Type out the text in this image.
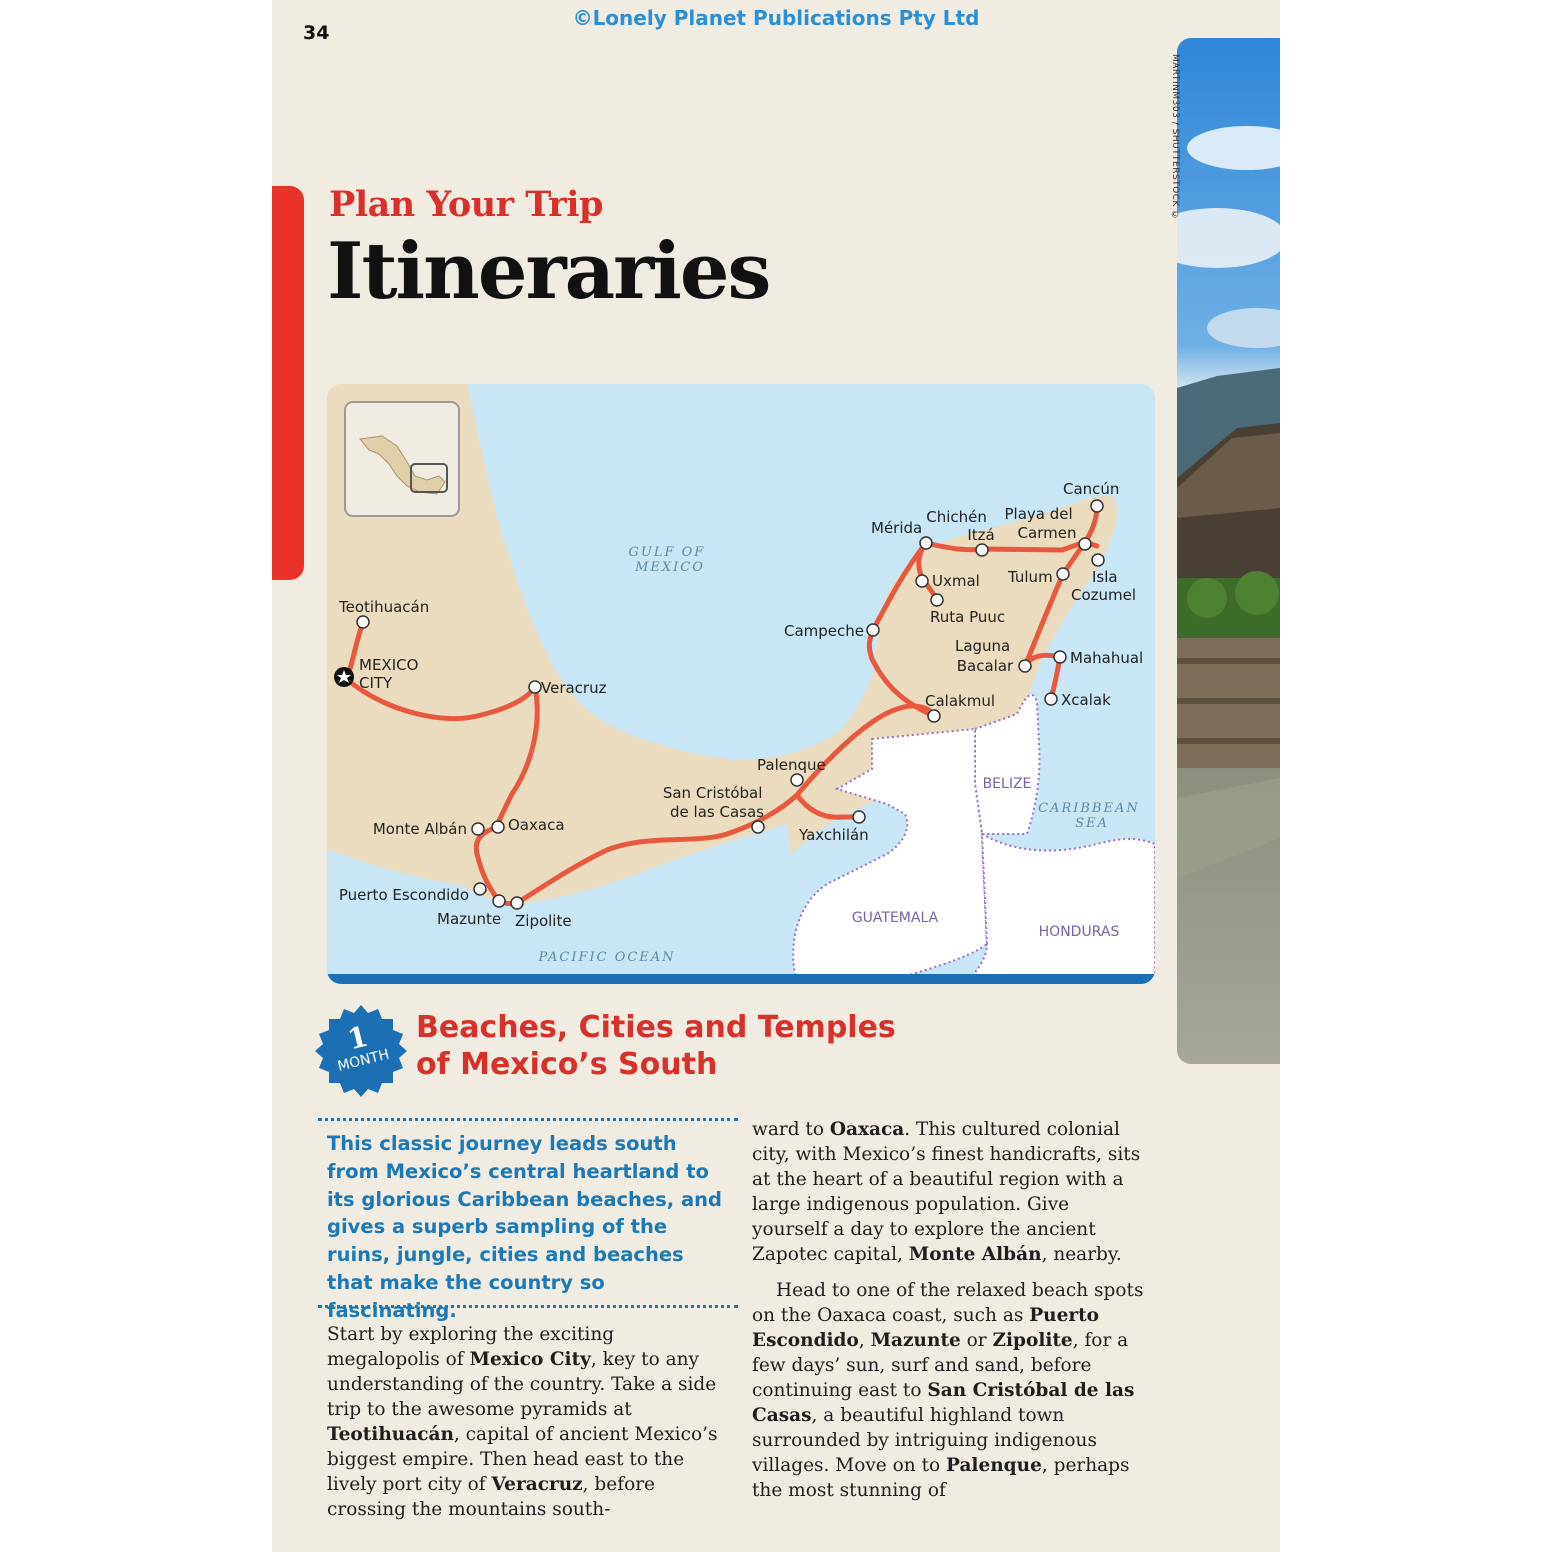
©Lonely Planet Publications Pty Ltd
34
Plan Your Trip
Itineraries
MARTINM303 / SHUTTERSTOCK ©
GULF OF MEXICO
CARIBBEAN SEA
PACIFIC OCEAN
BELIZE
GUATEMALA
HONDURAS
Teotihuacán
MEXICO CITY	Veracruz
Oaxaca
Monte Albán
Puerto Escondido
Mazunte Zipolite
San Cristóbal de las Casas
Palenque
Yaxchilán
Calakmul
Campeche
Mérida
Chichén Itzá
Uxmal
Ruta Puuc
Playa del Carmen
Cancún
Tulum	Isla Cozumel
Laguna Bacalar	Mahahual
Xcalak
1
MONTH
Beaches, Cities and Temples
of Mexico’s South
This classic journey leads south from Mexico’s central heartland to its glorious Caribbean beaches, and gives a superb sampling of the ruins, jungle, cities and beaches that make the country so fascinating.

Start by exploring the exciting megalopolis of Mexico City, key to any understanding of the country. Take a side trip to the awesome pyramids at Teotihuacán, capital of ancient Mexico’s biggest empire. Then head east to the lively port city of Veracruz, before crossing the mountains south-

ward to Oaxaca. This cultured colonial city, with Mexico’s finest handicrafts, sits at the heart of a beautiful region with a large indigenous population. Give yourself a day to explore the ancient Zapotec capital, Monte Albán, nearby.

Head to one of the relaxed beach spots on the Oaxaca coast, such as Puerto Escondido, Mazunte or Zipolite, for a few days’ sun, surf and sand, before continuing east to San Cristóbal de las Casas, a beautiful highland town surrounded by intriguing indigenous villages. Move on to Palenque, perhaps the most stunning of
